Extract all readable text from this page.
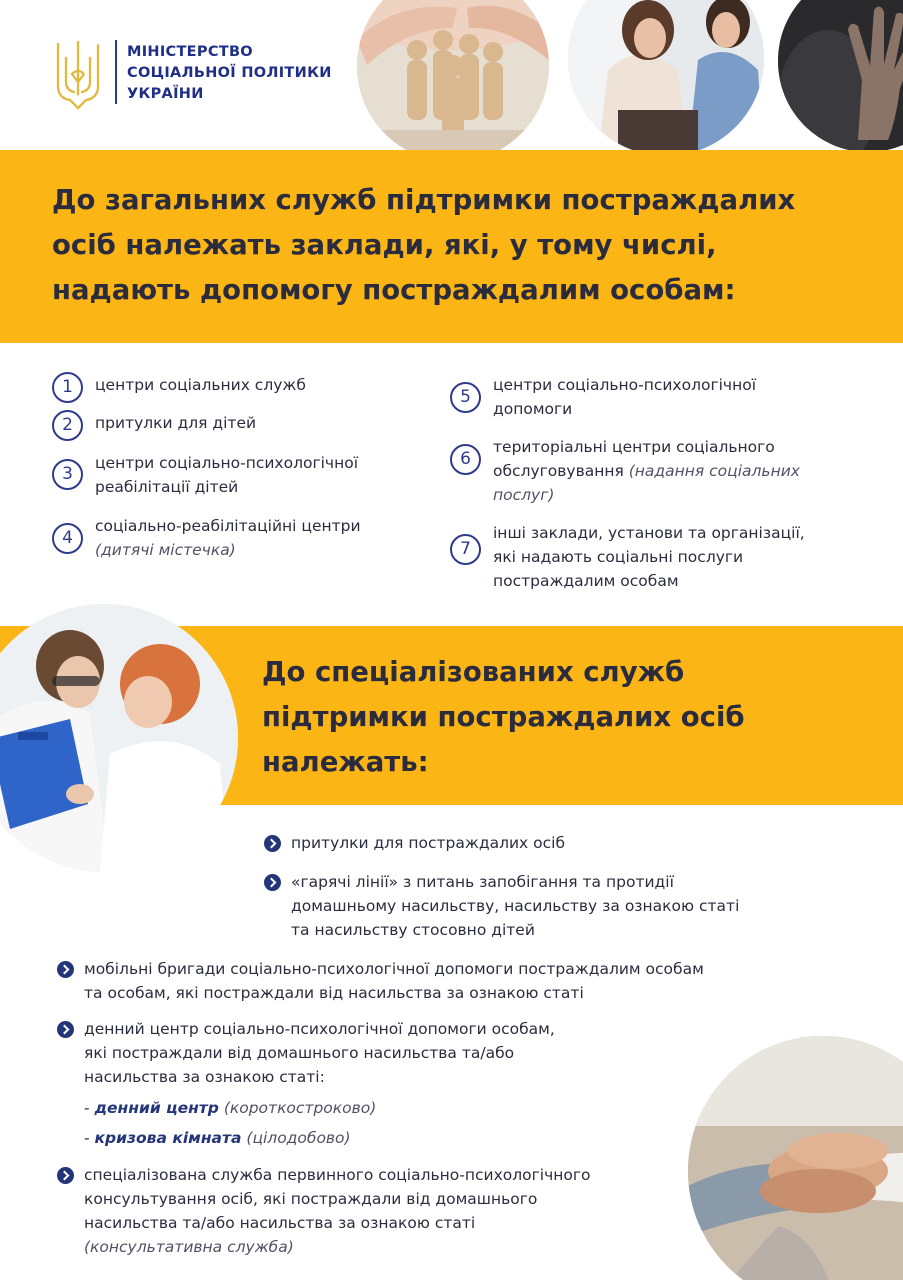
МІНІСТЕРСТВО
СОЦІАЛЬНОЇ ПОЛІТИКИ
УКРАЇНИ
До загальних служб підтримки постраждалих
осіб належать заклади, які, у тому числі,
надають допомогу постраждалим особам:
1	центри соціальних служб
2	притулки для дітей
3
центри соціально-психологічної
реабілітації дітей
4
соціально-реабілітаційні центри
(дитячі містечка)
5
центри соціально-психологічної
допомоги
6
територіальні центри соціального
обслуговування (надання соціальних
послуг)
7
інші заклади, установи та організації,
які надають соціальні послуги
постраждалим особам
До спеціалізованих служб
підтримки постраждалих осіб
належать:
притулки для постраждалих осіб
«гарячі лінії» з питань запобігання та протидії
домашньому насильству, насильству за ознакою статі
та насильству стосовно дітей
мобільні бригади соціально-психологічної допомоги постраждалим особам
та особам, які постраждали від насильства за ознакою статі
денний центр соціально-психологічної допомоги особам,
які постраждали від домашнього насильства та/або
насильства за ознакою статі:
- денний центр (короткостроково)
- кризова кімната (цілодобово)
спеціалізована служба первинного соціально-психологічного
консультування осіб, які постраждали від домашнього
насильства та/або насильства за ознакою статі
(консультативна служба)
